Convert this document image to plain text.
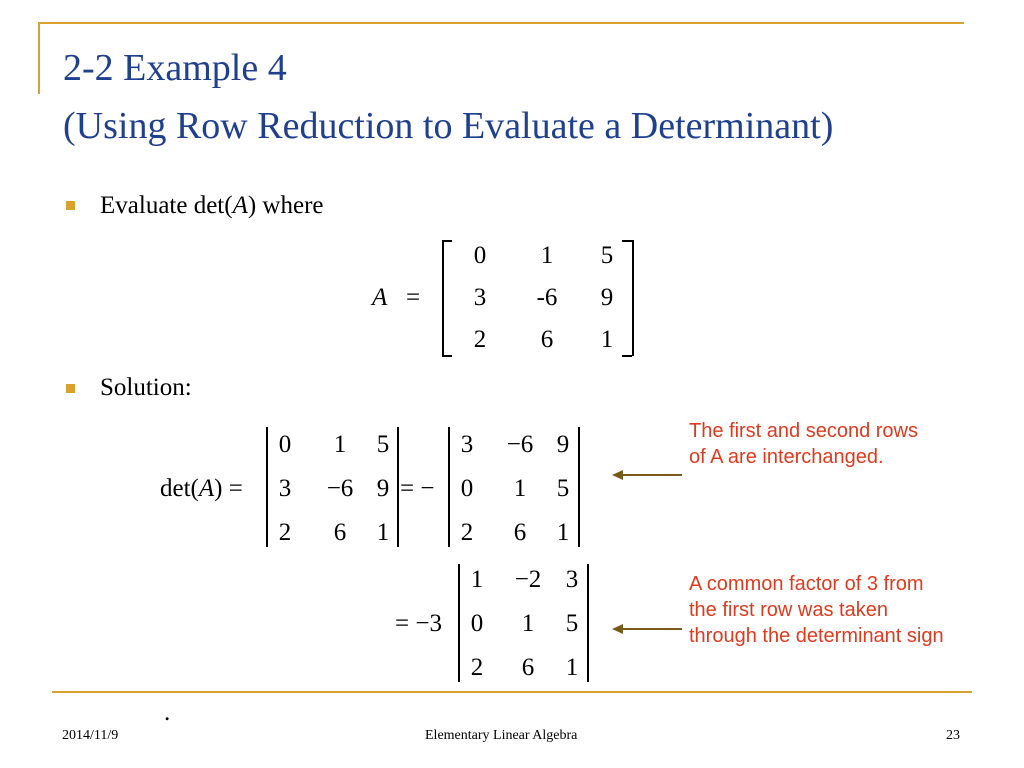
2-2 Example 4
(Using Row Reduction to Evaluate a Determinant)
Evaluate det(A) where
A =
0	1	5
3	-6	9
2	6	1
Solution:
det(A) =
0	1	5
3	−6 9
2	6	1
= −
3	−6 9
0	1	5
2	6	1
= −3
1	−2 3
0	1	5
2	6	1
The first and second rows of A are interchanged.
A common factor of 3 from the first row was taken through the determinant sign
.
2014/11/9	Elementary Linear Algebra	23
